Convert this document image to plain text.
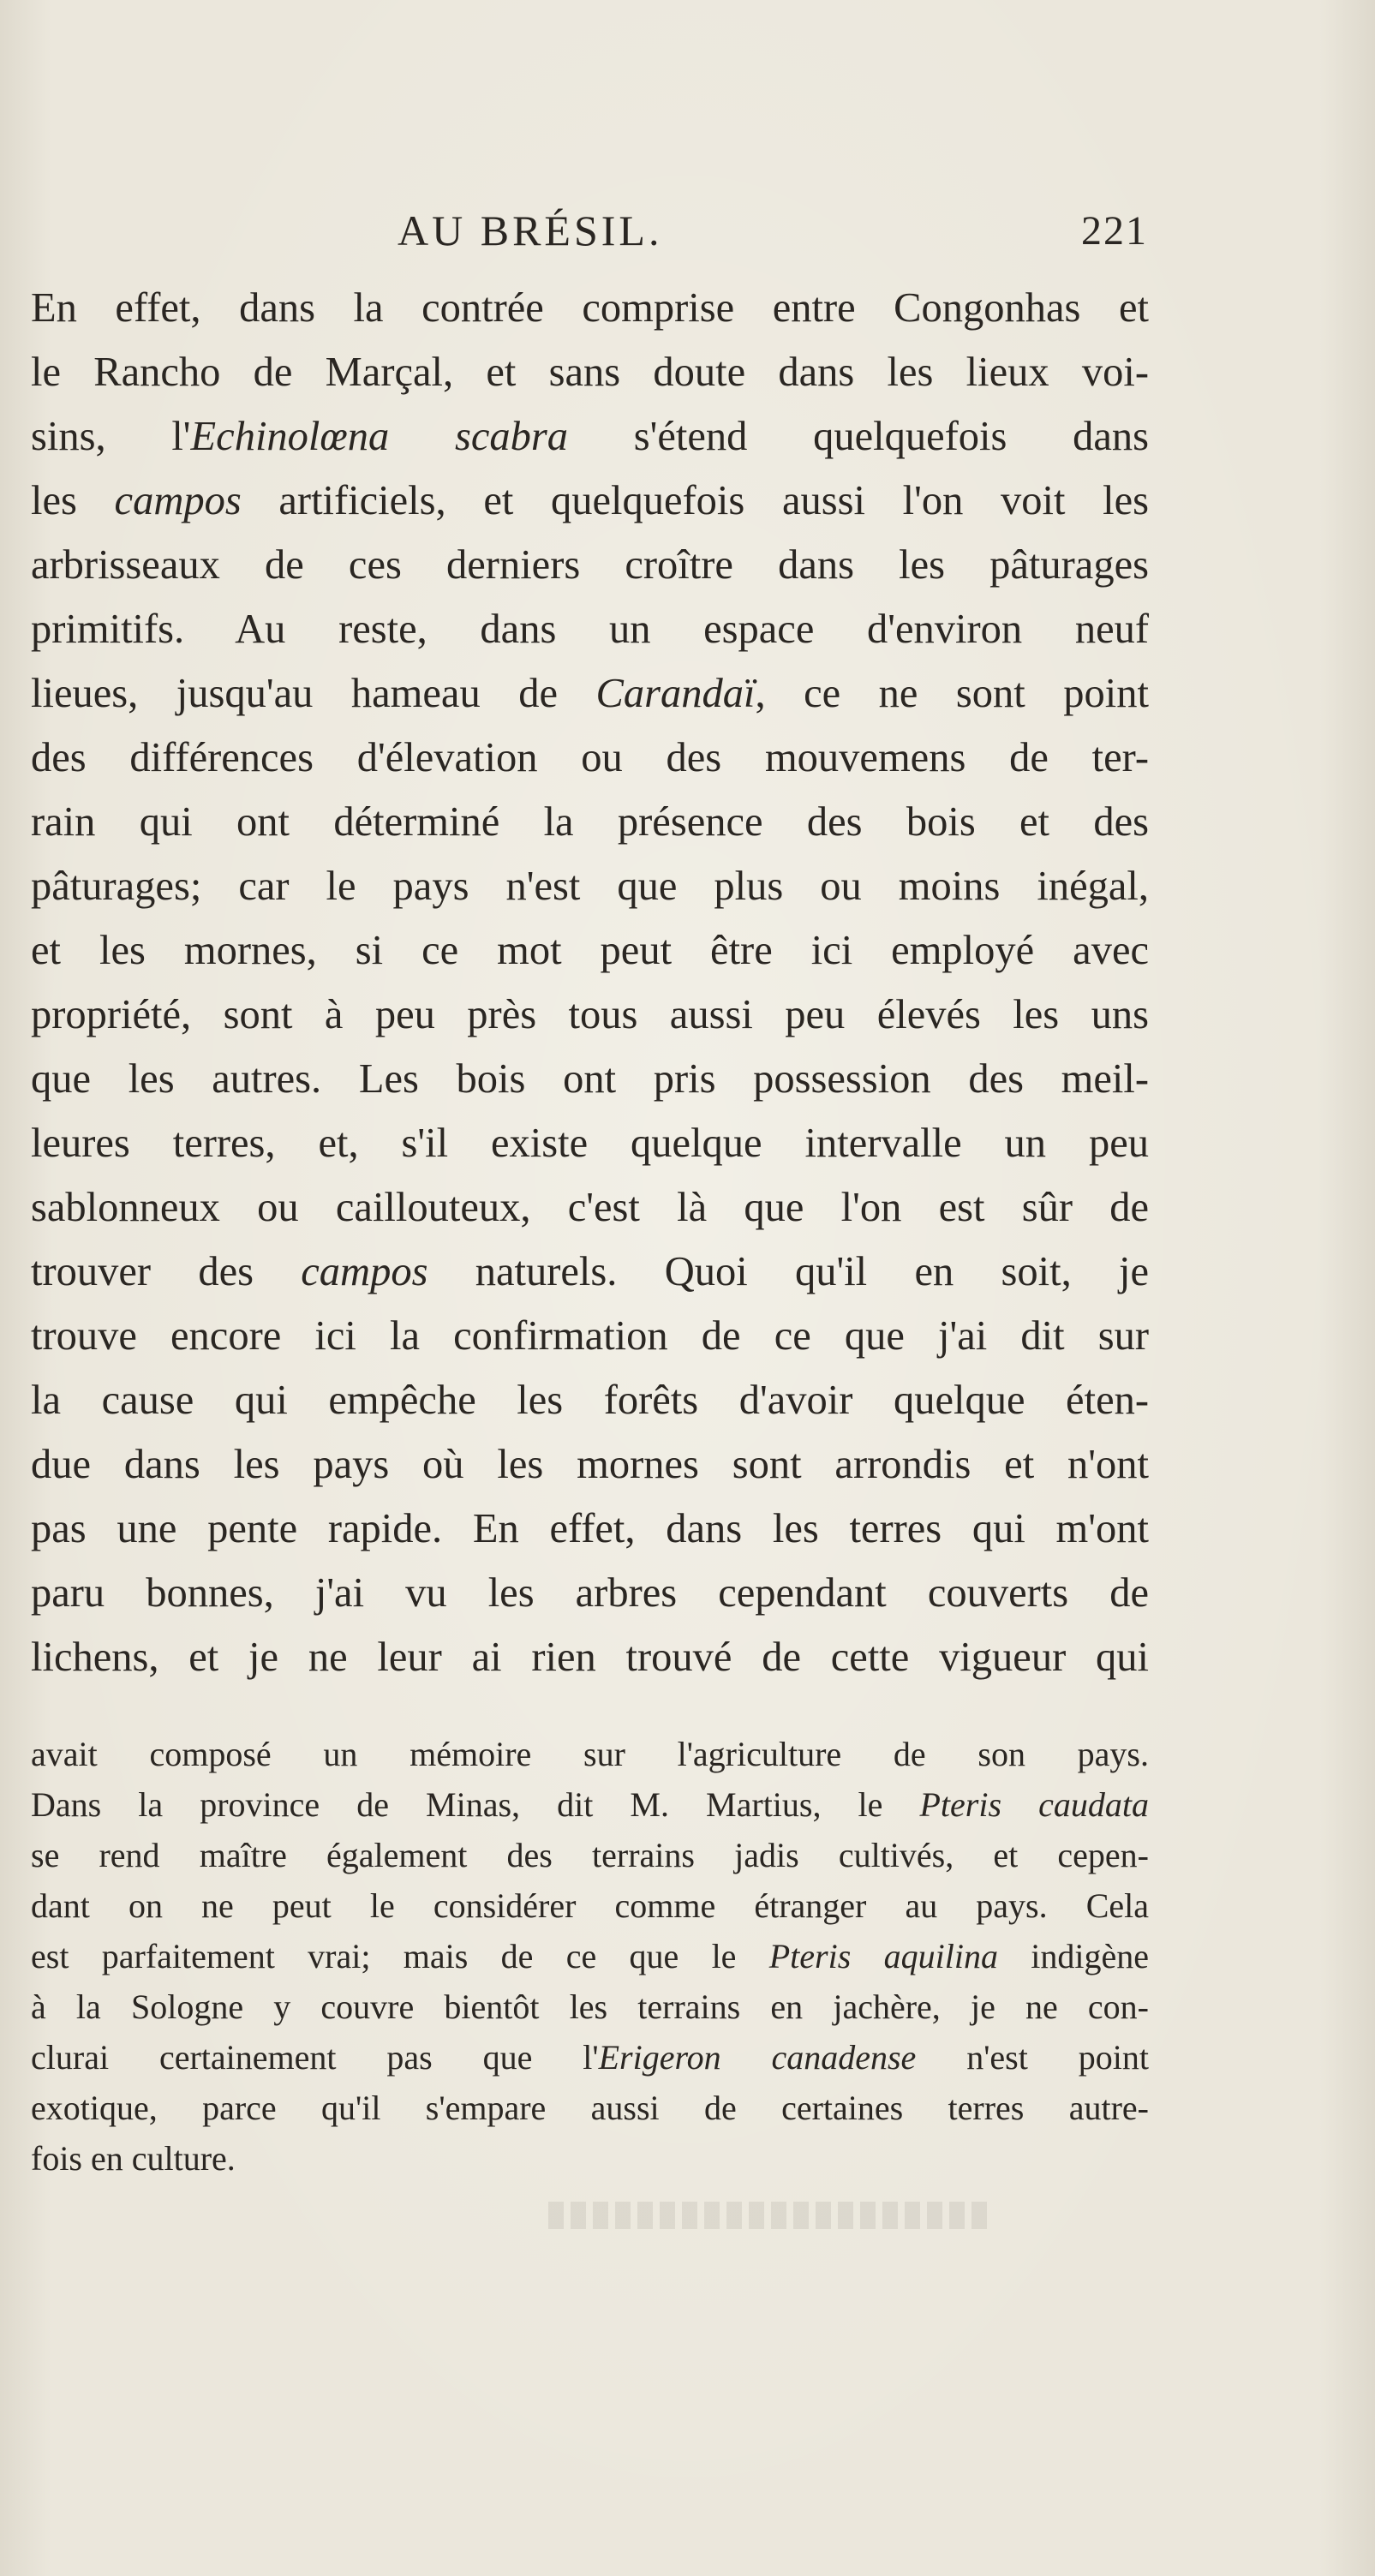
AU BRÉSIL.	221
En effet, dans la contrée comprise entre Congonhas et
le Rancho de Marçal, et sans doute dans les lieux voi-
sins, l'Echinolœna scabra s'étend quelquefois dans
les campos artificiels, et quelquefois aussi l'on voit les
arbrisseaux de ces derniers croître dans les pâturages
primitifs. Au reste, dans un espace d'environ neuf
lieues, jusqu'au hameau de Carandaï, ce ne sont point
des différences d'élevation ou des mouvemens de ter-
rain qui ont déterminé la présence des bois et des
pâturages; car le pays n'est que plus ou moins inégal,
et les mornes, si ce mot peut être ici employé avec
propriété, sont à peu près tous aussi peu élevés les uns
que les autres. Les bois ont pris possession des meil-
leures terres, et, s'il existe quelque intervalle un peu
sablonneux ou caillouteux, c'est là que l'on est sûr de
trouver des campos naturels. Quoi qu'il en soit, je
trouve encore ici la confirmation de ce que j'ai dit sur
la cause qui empêche les forêts d'avoir quelque éten-
due dans les pays où les mornes sont arrondis et n'ont
pas une pente rapide. En effet, dans les terres qui m'ont
paru bonnes, j'ai vu les arbres cependant couverts de
lichens, et je ne leur ai rien trouvé de cette vigueur qui
avait composé un mémoire sur l'agriculture de son pays.
Dans la province de Minas, dit M. Martius, le Pteris caudata
se rend maître également des terrains jadis cultivés, et cepen-
dant on ne peut le considérer comme étranger au pays. Cela
est parfaitement vrai; mais de ce que le Pteris aquilina indigène
à la Sologne y couvre bientôt les terrains en jachère, je ne con-
clurai certainement pas que l'Erigeron canadense n'est point
exotique, parce qu'il s'empare aussi de certaines terres autre-
fois en culture.
